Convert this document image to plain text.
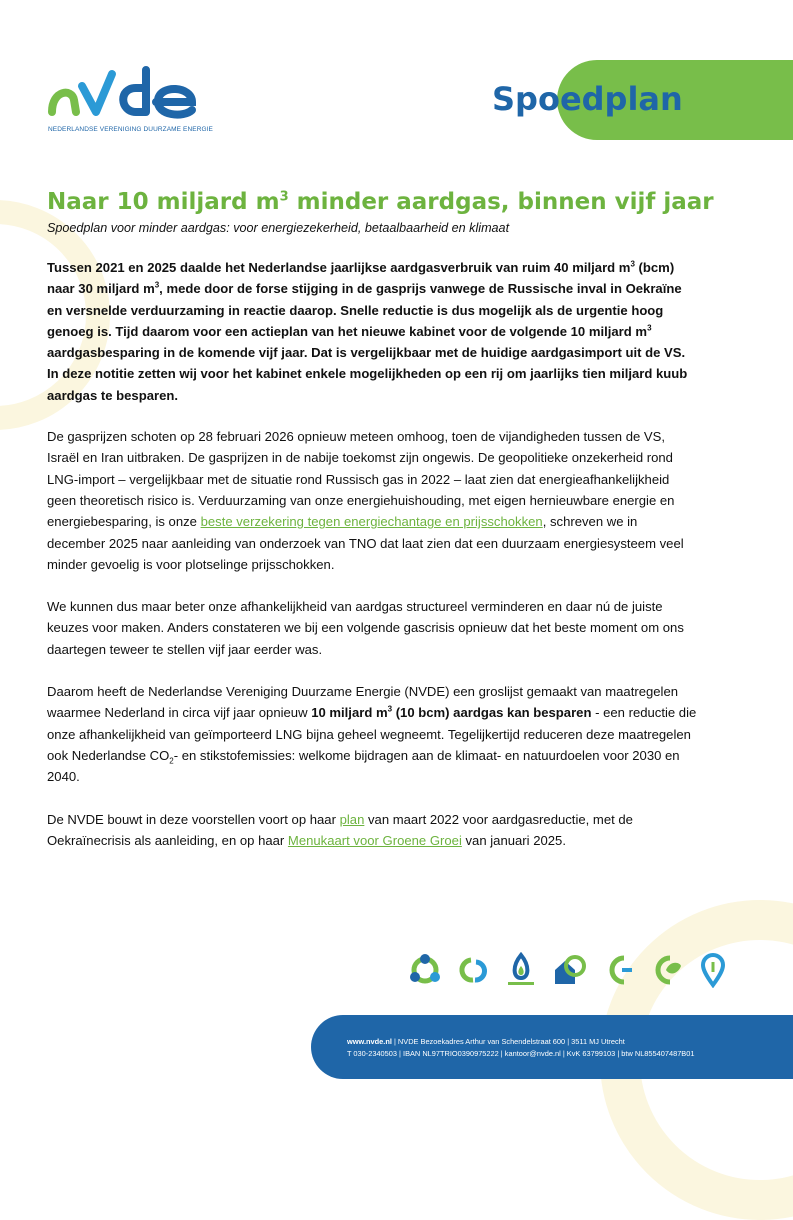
NEDERLANDSE VERENIGING DUURZAME ENERGIE
Spoedplan
Naar 10 miljard $m^3$ minder aardgas, binnen vijf jaar
Spoedplan voor minder aardgas: voor energiezekerheid, betaalbaarheid en klimaat

Tussen 2021 en 2025 daalde het Nederlandse jaarlijkse aardgasverbruik van ruim 40 miljard $m^3$ (bcm) naar 30 miljard $m^3$, mede door de forse stijging in de gasprijs vanwege de Russische inval in Oekraïne en versnelde verduurzaming in reactie daarop. Snelle reductie is dus mogelijk als de urgentie hoog genoeg is. Tijd daarom voor een actieplan van het nieuwe kabinet voor de volgende 10 miljard $m^3$ aardgasbesparing in de komende vijf jaar. Dat is vergelijkbaar met de huidige aardgasimport uit de VS. In deze notitie zetten wij voor het kabinet enkele mogelijkheden op een rij om jaarlijks tien miljard kuub aardgas te besparen.

De gasprijzen schoten op 28 februari 2026 opnieuw meteen omhoog, toen de vijandigheden tussen de VS, Israël en Iran uitbraken. De gasprijzen in de nabije toekomst zijn ongewis. De geopolitieke onzekerheid rond LNG-import – vergelijkbaar met de situatie rond Russisch gas in 2022 – laat zien dat energieafhankelijkheid geen theoretisch risico is. Verduurzaming van onze energiehuishouding, met eigen hernieuwbare energie en energiebesparing, is onze beste verzekering tegen energiechantage en prijsschokken, schreven we in december 2025 naar aanleiding van onderzoek van TNO dat laat zien dat een duurzaam energiesysteem veel minder gevoelig is voor plotselinge prijsschokken.

We kunnen dus maar beter onze afhankelijkheid van aardgas structureel verminderen en daar nú de juiste keuzes voor maken. Anders constateren we bij een volgende gascrisis opnieuw dat het beste moment om ons daartegen teweer te stellen vijf jaar eerder was.

Daarom heeft de Nederlandse Vereniging Duurzame Energie (NVDE) een groslijst gemaakt van maatregelen waarmee Nederland in circa vijf jaar opnieuw 10 miljard $m^3$ (10 bcm) aardgas kan besparen - een reductie die onze afhankelijkheid van geïmporteerd LNG bijna geheel wegneemt. Tegelijkertijd reduceren deze maatregelen ook Nederlandse $CO_2-$ en stikstofemissies: welkome bijdragen aan de klimaat- en natuurdoelen voor 2030 en 2040.

De NVDE bouwt in deze voorstellen voort op haar plan van maart 2022 voor aardgasreductie, met de Oekraïnecrisis als aanleiding, en op haar Menukaart voor Groene Groei van januari 2025.

www.nvde.nl | NVDE Bezoekadres Arthur van Schendelstraat 600 | 3511 MJ Utrecht
T 030-2340503 | IBAN NL97TRIO0390975222 | kantoor@nvde.nl | KvK 63799103 | btw NL855407487B01
